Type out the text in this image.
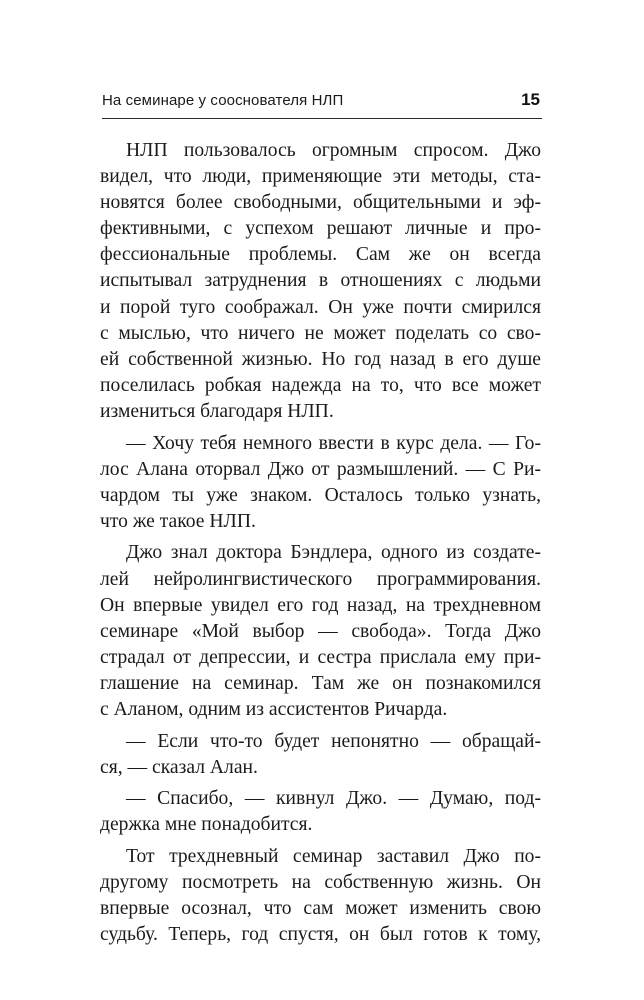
На семинаре у сооснователя НЛП	15
НЛП пользовалось огромным спросом. Джо
видел, что люди, применяющие эти методы, ста-
новятся более свободными, общительными и эф-
фективными, с успехом решают личные и про-
фессиональные проблемы. Сам же он всегда
испытывал затруднения в отношениях с людьми
и порой туго соображал. Он уже почти смирился
с мыслью, что ничего не может поделать со сво-
ей собственной жизнью. Но год назад в его душе
поселилась робкая надежда на то, что все может
измениться благодаря НЛП.
— Хочу тебя немного ввести в курс дела. — Го-
лос Алана оторвал Джо от размышлений. — С Ри-
чардом ты уже знаком. Осталось только узнать,
что же такое НЛП.
Джо знал доктора Бэндлера, одного из создате-
лей нейролингвистического программирования.
Он впервые увидел его год назад, на трехдневном
семинаре «Мой выбор — свобода». Тогда Джо
страдал от депрессии, и сестра прислала ему при-
глашение на семинар. Там же он познакомился
с Аланом, одним из ассистентов Ричарда.
— Если что-то будет непонятно — обращай-
ся, — сказал Алан.
— Спасибо, — кивнул Джо. — Думаю, под-
держка мне понадобится.
Тот трехдневный семинар заставил Джо по-
другому посмотреть на собственную жизнь. Он
впервые осознал, что сам может изменить свою
судьбу. Теперь, год спустя, он был готов к тому,
